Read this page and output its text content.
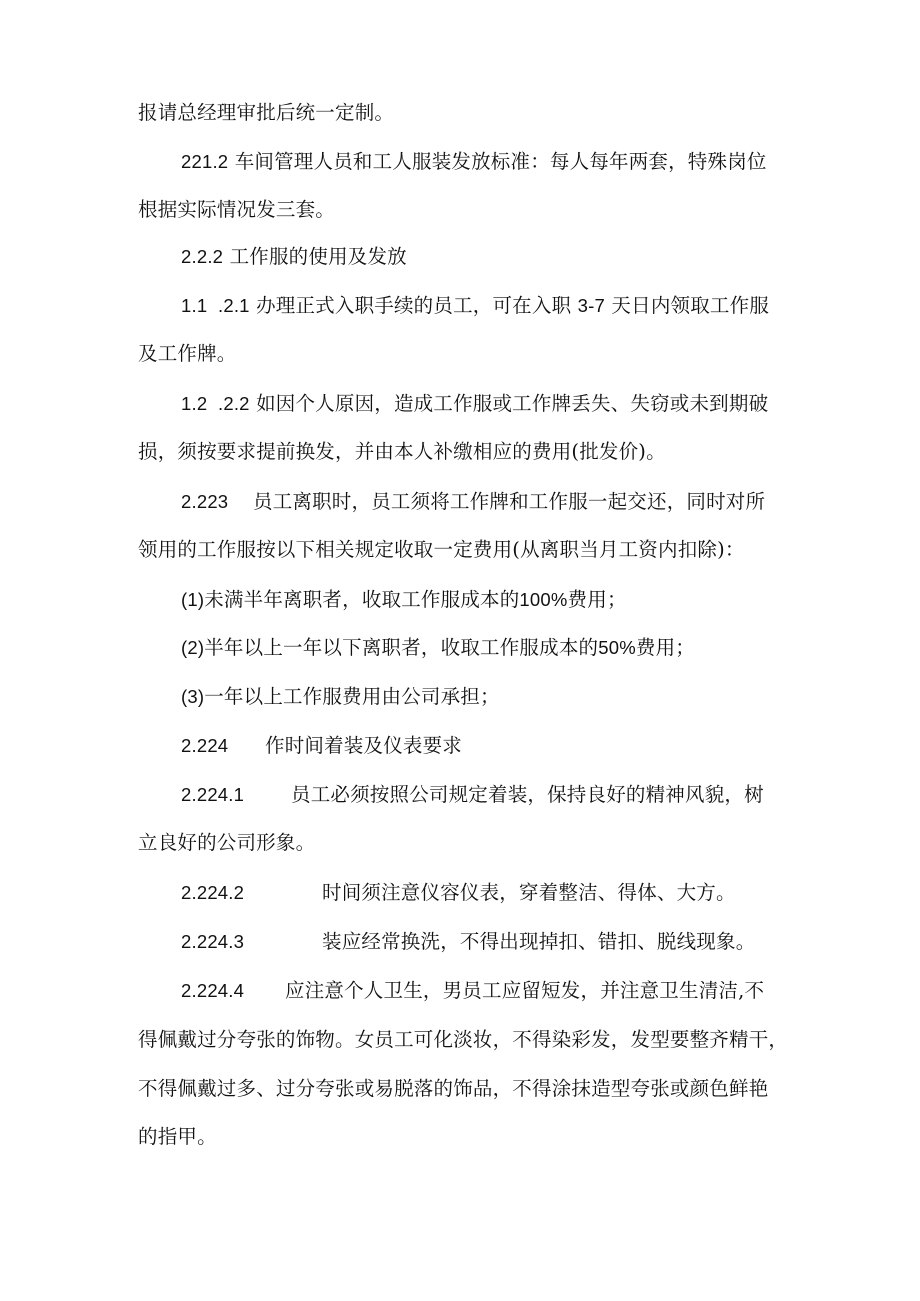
报请总经理审批后统一定制。
221.2 车间管理人员和工人服装发放标准：每人每年两套，特殊岗位
根据实际情况发三套。
2.2.2 工作服的使用及发放
1.1  .2.1 办理正式入职手续的员工，可在入职 3-7 天日内领取工作服
及工作牌。
1.2  .2.2 如因个人原因，造成工作服或工作牌丢失、失窃或未到期破
损，须按要求提前换发，并由本人补缴相应的费用(批发价)。
2.223 员工离职时，员工须将工作牌和工作服一起交还，同时对所
领用的工作服按以下相关规定收取一定费用(从离职当月工资内扣除)：
(1)未满半年离职者，收取工作服成本的100%费用；
(2)半年以上一年以下离职者，收取工作服成本的50%费用；
(3)一年以上工作服费用由公司承担；
2.224 作时间着装及仪表要求
2.224.1 员工必须按照公司规定着装，保持良好的精神风貌，树
立良好的公司形象。
2.224.2	时间须注意仪容仪表，穿着整洁、得体、大方。
2.224.3	装应经常换洗，不得出现掉扣、错扣、脱线现象。
2.224.4 应注意个人卫生，男员工应留短发，并注意卫生清洁,不
得佩戴过分夸张的饰物。女员工可化淡妆，不得染彩发，发型要整齐精干，
不得佩戴过多、过分夸张或易脱落的饰品，不得涂抹造型夸张或颜色鲜艳
的指甲。
